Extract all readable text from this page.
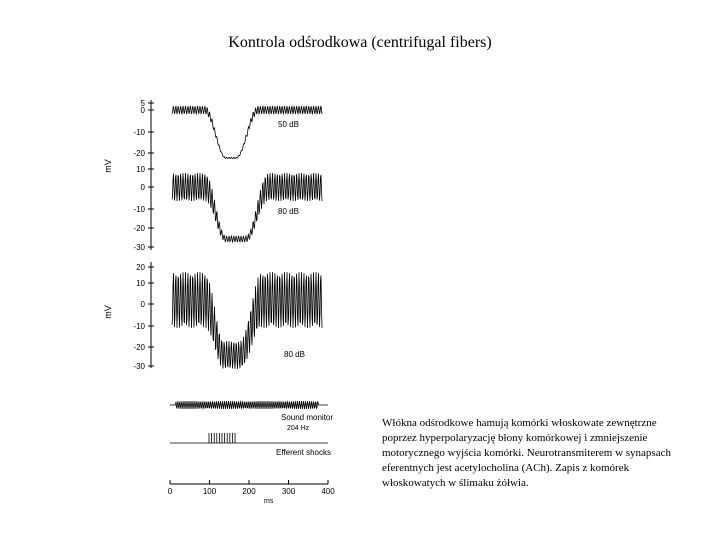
Kontrola odśrodkowa (centrifugal fibers)
5
0
-10
-20
mV
50 dB
10
0
-10
-20
-30
80 dB
20
10
0
-10
-20
-30
mV
80 dB
Sound monitor
204 Hz
Efferent shocks
0	100	200	300	400
ms
Włókna odśrodkowe hamują komórki włoskowate zewnętrzne poprzez hyperpolaryzację błony komórkowej i zmniejszenie motorycznego wyjścia komórki. Neurotransmiterem w synapsach eferentnych jest acetylocholina (ACh). Zapis z komórek włoskowatych w ślimaku żółwia.
